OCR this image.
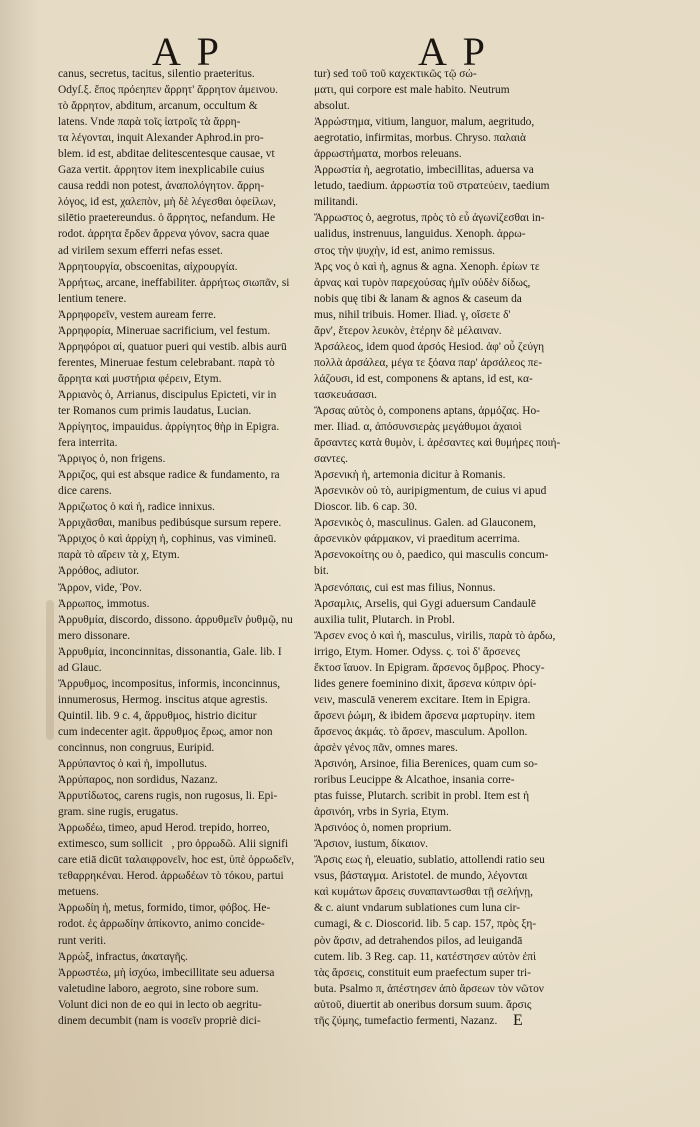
A P	A P
canus, secretus, tacitus, silentio praeteritus.
Odyſ.ξ. ἔπος πρόεηπεν ἄρρητ' ἄρρητον ἀμεινου.
τὸ ἄρρητον, abditum, arcanum, occultum &
latens. Vnde παρὰ τοῖς ἰατροῖς τὰ ἄρρη-
τα λέγονται, inquit Alexander Aphrod.in pro-
blem. id est, abditae delitescentesque causae, vt
Gaza vertit. ἀρρητον item inexplicabile cuius
causa reddi non potest, ἀναπολόγητον. ἄρρη-
λόγος, id est, χαλεπὸν, μὴ δὲ λέγεσθαι ὀφείλων,
silētio praetereundus. ὁ ἄρρητος, nefandum. He
rodot. ἀρρητα ἔρδεν ἄρρενα γόνον, sacra quae
ad virilem sexum efferri nefas esset.
Ἀρρητουργία, obscoenitas, αἰχρουργία.
Ἀρρήτως, arcane, ineffabiliter. ἀρρήτως σιωπᾶν, si
lentium tenere.
Ἀρρηφορεῖν, vestem auream ferre.
Ἀρρηφορία, Mineruae sacrificium, vel festum.
Ἀρρηφόροι αἱ, quatuor pueri qui vestib. albis aurū
ferentes, Mineruae festum celebrabant. παρὰ τὸ
ἄρρητα καὶ μυστήρια φέρειν, Etym.
Ἀρριανὸς ὁ, Arrianus, discipulus Epicteti, vir in
ter Romanos cum primis laudatus, Lucian.
Ἀρρίγητος, impauidus. ἀρρίγητος θὴρ in Epigra.
fera interrita.
Ἄρριγος ὁ, non frigens.
Ἀρριζος, qui est absque radice & fundamento, ra
dice carens.
Ἀρριζωτος ὁ καὶ ἡ, radice innixus.
Ἀρριχᾶσθαι, manibus pedibúsque sursum repere.
Ἄρριχος ὁ καὶ ἀρρίχη ἡ, cophinus, vas vimineū.
παρὰ τὸ αἴρειν τὰ χ, Etym.
Ἀρρόθος, adiutor.
Ἄρρον, vide, Ῥον.
Ἀρρωπος, immotus.
Ἀρρυθμία, discordo, dissono. ἀρρυθμεῖν ῥυθμῷ, nu
mero dissonare.
Ἀρρυθμία, inconcinnitas, dissonantia, Gale. lib. I
ad Glauc.
Ἄρρυθμος, incompositus, informis, inconcinnus,
innumerosus, Hermog. inscitus atque agrestis.
Quintil. lib. 9 c. 4, ἄρρυθμος, histrio dicitur
cum indecenter agit. ἄρρυθμος ἔρως, amor non
concinnus, non congruus, Euripid.
Ἀρρύπαντος ὁ καὶ ἡ, impollutus.
Ἀρρύπαρος, non sordidus, Nazanz.
Ἀρρυτίδωτος, carens rugis, non rugosus, li. Epi-
gram. sine rugis, erugatus.
Ἀρρωδέω, timeo, apud Herod. trepido, horreo,
extimesco, sum sollicit᷑, pro ὀρρωδῶ. Alii signifi
care etiā dicūt ταλαιφρονεῖν, hoc est, ὑπὲ ὀρρωδεῖν,
τεθαρρηκέναι. Herod. ἀρρωδέων τὸ τόκου, partui
metuens.
Ἀρρωδίη ἡ, metus, formido, timor, φόβος. He-
rodot. ἐς ἀρρωδίην ἀπίκοντο, animo concide-
runt veriti.
Ἀρρώξ, infractus, ἀκαταγῆς.
Ἀρρωστέω, μὴ ἰσχύω, imbecillitate seu aduersa
valetudine laboro, aegroto, sine robore sum.
Volunt dici non de eo qui in lecto ob aegritu-
dinem decumbit (nam is νοσεῖν propriè dici-
tur) sed τοῦ τοῦ καχεκτικῶς τῷ σώ-
ματι, qui corpore est male habito. Neutrum
absolut.
Ἀρρώστημα, vitium, languor, malum, aegritudo,
aegrotatio, infirmitas, morbus. Chryso. παλαιὰ
ἀρρωστήματα, morbos releuans.
Ἀρρωστία ἡ, aegrotatio, imbecillitas, aduersa va
letudo, taedium. ἀρρωστία τοῦ στρατεύειν, taedium
militandi.
Ἄρρωστος ὁ, aegrotus, πρὸς τὸ εὖ ἀγωνίζεσθαι in-
ualidus, instrenuus, languidus. Xenoph. ἀρρω-
στος τὴν ψυχὴν, id est, animo remissus.
Ἀρς νος ὁ καὶ ἡ, agnus & agna. Xenoph. ἐρίων τε
ἀρνας καὶ τυρὸν παρεχούσας ἡμῖν οὐδὲν δίδως,
nobis quę tibi & lanam & agnos & caseum da
mus, nihil tribuis. Homer. Iliad. γ, οἴσετε δ'
ἄρν', ἕτερον λευκὸν, ἑτέρην δὲ μέλαιναν.
Ἀρσάλεος, idem quod ἀρσός Hesiod. ἀφ' οὗ ζεύγη
πολλὰ ἀρσάλεα, μέγα τε ξόανα παρ' ἀρσάλεος πε-
λάζουσι, id est, componens & aptans, id est, κα-
τασκευάσασι.
Ἄρσας αὐτὸς ὁ, componens aptans, ἀρμόζας. Ho-
mer. Iliad. α, ἀπόσυνσιερὰς μεγάθυμοι ἀχαιοὶ
ἄρσαντες κατὰ θυμὸν, ἰ. ἀρέσαντες καὶ θυμήρες ποιή-
σαντες.
Ἀρσενικὴ ἡ, artemonia dicitur à Romanis.
Ἀρσενικὸν οὐ τὸ, auripigmentum, de cuius vi apud
Dioscor. lib. 6 cap. 30.
Ἀρσενικὸς ὁ, masculinus. Galen. ad Glauconem,
ἀρσενικὸν φάρμακον, vi praeditum acerrima.
Ἀρσενοκοίτης ου ὁ, paedico, qui masculis concum-
bit.
Ἀρσενόπαις, cui est mas filius, Nonnus.
Ἀρσαμλις, Arselis, qui Gygi aduersum Candaulē
auxilia tulit, Plutarch. in Probl.
Ἄρσεν ενος ὁ καὶ ἡ, masculus, virilis, παρὰ τὸ ἀρδω,
irrigo, Etym. Homer. Odyss. ς. τοὶ δ' ἄρσενες
ἔκτοσ ἴαυον. In Epigram. ἄρσενος ὄμβρος. Phocy-
lides genere foeminino dixit, ἄρσενα κύπριν ὀρί-
νειν, masculā venerem excitare. Item in Epigra.
ἄρσενι ῥώμη, & ibidem ἄρσενα μαρτυρίην. item
ἄρσενος ἀκμάς. τὸ ἄρσεν, masculum. Apollon.
ἀρσὲν γένος πᾶν, omnes mares.
Ἀρσινόη, Arsinoe, filia Berenices, quam cum so-
roribus Leucippe & Alcathoe, insania corre-
ptas fuisse, Plutarch. scribit in probl. Item est ἡ
ἀρσινόη, vrbs in Syria, Etym.
Ἀρσινόος ὁ, nomen proprium.
Ἄρσιον, iustum, δίκαιον.
Ἄρσις εως ἡ, eleuatio, sublatio, attollendi ratio seu
vsus, βάσταγμα. Aristotel. de mundo, λέγονται
καὶ κυμάτων ἄρσεις συναπαντωσθαι τῇ σελήνῃ,
& c. aiunt vndarum sublationes cum luna cir-
cumagi, & c. Dioscorid. lib. 5 cap. 157, πρὸς ξη-
ρὸν ἄρσιν, ad detrahendos pilos, ad leuigandā
cutem. lib. 3 Reg. cap. 11, κατέστησεν αὐτὸν ἐπὶ
τὰς ἄρσεις, constituit eum praefectum super tri-
buta. Psalmo π, ἀπέστησεν ἀπὸ ἄρσεων τὸν νῶτον
αὐτοῦ, diuertit ab oneribus dorsum suum. ἄρσις
τῆς ζύμης, tumefactio fermenti, Nazanz. E
